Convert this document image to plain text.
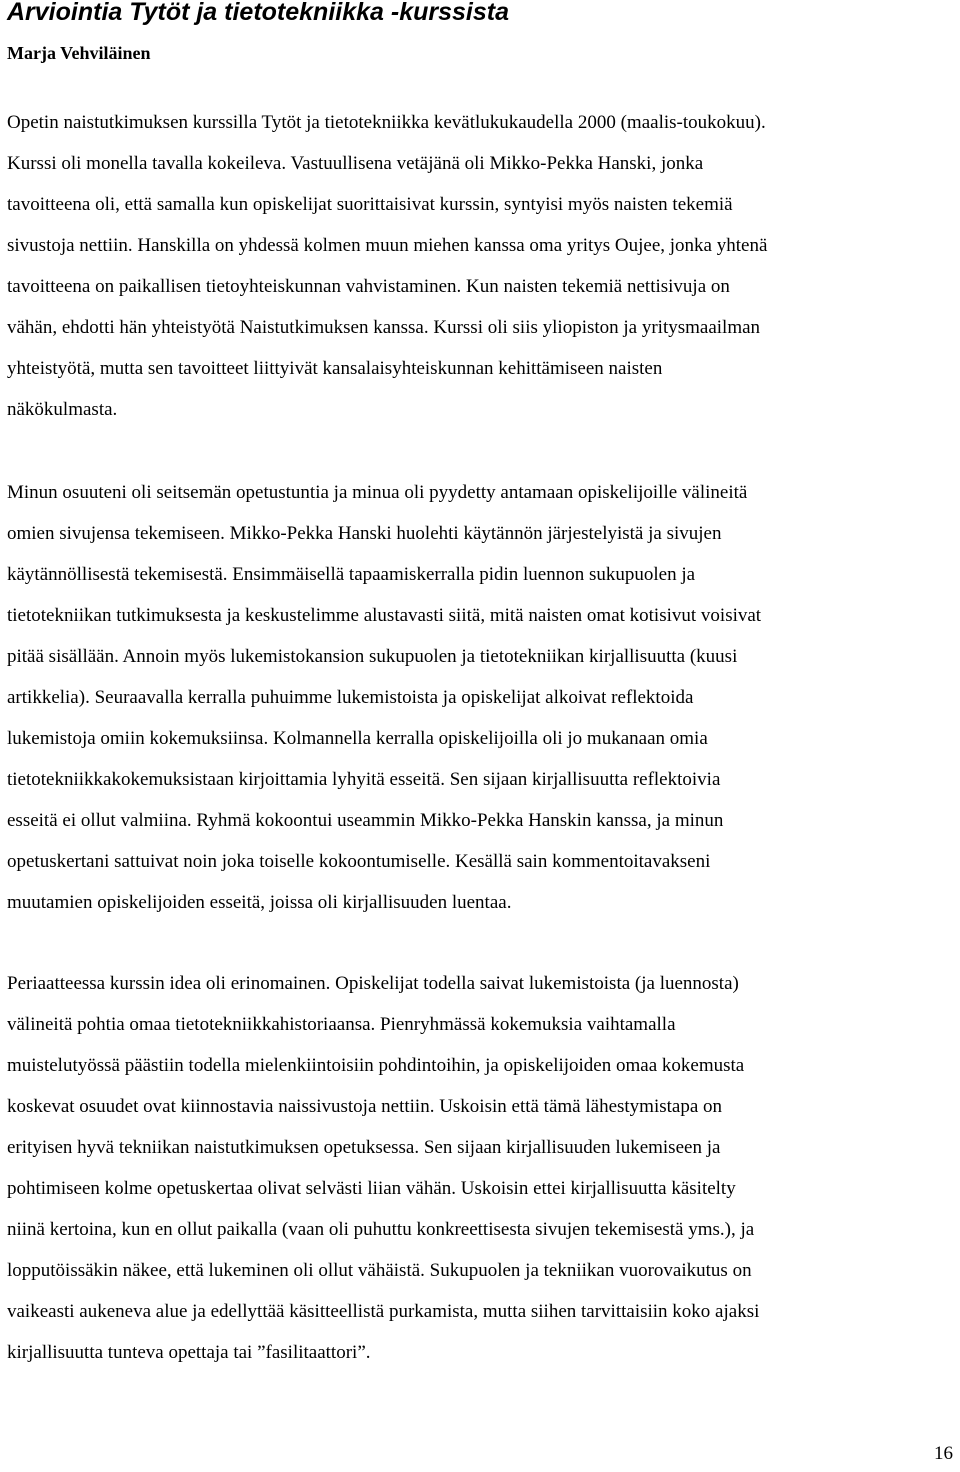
Arviointia Tytöt ja tietotekniikka -kurssista
Marja Vehviläinen

Opetin naistutkimuksen kurssilla Tytöt ja tietotekniikka kevätlukukaudella 2000 (maalis-toukokuu).
Kurssi oli monella tavalla kokeileva. Vastuullisena vetäjänä oli Mikko-Pekka Hanski, jonka
tavoitteena oli, että samalla kun opiskelijat suorittaisivat kurssin, syntyisi myös naisten tekemiä
sivustoja nettiin. Hanskilla on yhdessä kolmen muun miehen kanssa oma yritys Oujee, jonka yhtenä
tavoitteena on paikallisen tietoyhteiskunnan vahvistaminen. Kun naisten tekemiä nettisivuja on
vähän, ehdotti hän yhteistyötä Naistutkimuksen kanssa. Kurssi oli siis yliopiston ja yritysmaailman
yhteistyötä, mutta sen tavoitteet liittyivät kansalaisyhteiskunnan kehittämiseen naisten
näkökulmasta.

Minun osuuteni oli seitsemän opetustuntia ja minua oli pyydetty antamaan opiskelijoille välineitä
omien sivujensa tekemiseen. Mikko-Pekka Hanski huolehti käytännön järjestelyistä ja sivujen
käytännöllisestä tekemisestä. Ensimmäisellä tapaamiskerralla pidin luennon sukupuolen ja
tietotekniikan tutkimuksesta ja keskustelimme alustavasti siitä, mitä naisten omat kotisivut voisivat
pitää sisällään. Annoin myös lukemistokansion sukupuolen ja tietotekniikan kirjallisuutta (kuusi
artikkelia). Seuraavalla kerralla puhuimme lukemistoista ja opiskelijat alkoivat reflektoida
lukemistoja omiin kokemuksiinsa. Kolmannella kerralla opiskelijoilla oli jo mukanaan omia
tietotekniikkakokemuksistaan kirjoittamia lyhyitä esseitä. Sen sijaan kirjallisuutta reflektoivia
esseitä ei ollut valmiina. Ryhmä kokoontui useammin Mikko-Pekka Hanskin kanssa, ja minun
opetuskertani sattuivat noin joka toiselle kokoontumiselle. Kesällä sain kommentoitavakseni
muutamien opiskelijoiden esseitä, joissa oli kirjallisuuden luentaa.

Periaatteessa kurssin idea oli erinomainen. Opiskelijat todella saivat lukemistoista (ja luennosta)
välineitä pohtia omaa tietotekniikkahistoriaansa. Pienryhmässä kokemuksia vaihtamalla
muistelutyössä päästiin todella mielenkiintoisiin pohdintoihin, ja opiskelijoiden omaa kokemusta
koskevat osuudet ovat kiinnostavia naissivustoja nettiin. Uskoisin että tämä lähestymistapa on
erityisen hyvä tekniikan naistutkimuksen opetuksessa. Sen sijaan kirjallisuuden lukemiseen ja
pohtimiseen kolme opetuskertaa olivat selvästi liian vähän. Uskoisin ettei kirjallisuutta käsitelty
niinä kertoina, kun en ollut paikalla (vaan oli puhuttu konkreettisesta sivujen tekemisestä yms.), ja
lopputöissäkin näkee, että lukeminen oli ollut vähäistä. Sukupuolen ja tekniikan vuorovaikutus on
vaikeasti aukeneva alue ja edellyttää käsitteellistä purkamista, mutta siihen tarvittaisiin koko ajaksi
kirjallisuutta tunteva opettaja tai ”fasilitaattori”.

16
